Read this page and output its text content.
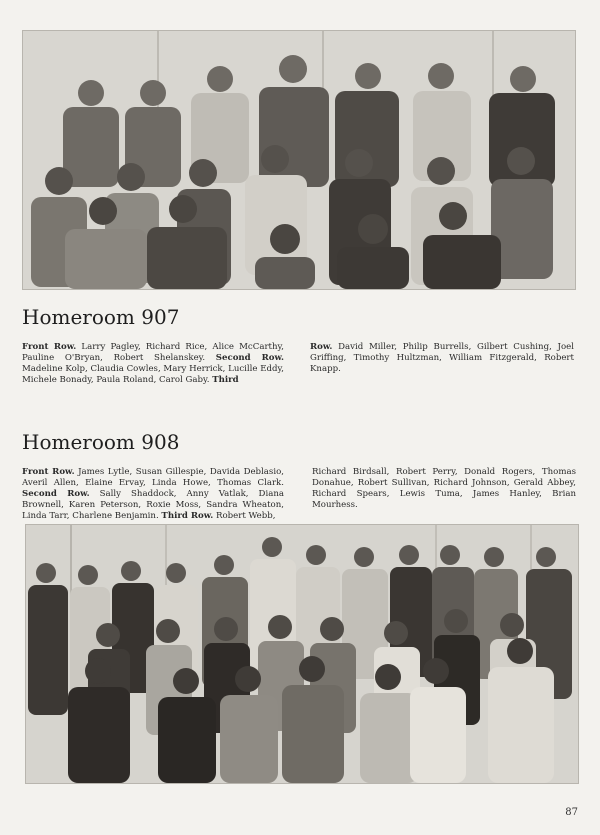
Homeroom 907

Front Row. Larry Pagley, Richard Rice, Alice McCarthy, Pauline O'Bryan, Robert Shelanskey. Second Row. Madeline Kolp, Claudia Cowles, Mary Herrick, Lucille Eddy, Michele Bonady, Paula Roland, Carol Gaby. Third

Row. David Miller, Philip Burrells, Gilbert Cushing, Joel Griffing, Timothy Hultzman, William Fitzgerald, Robert Knapp.

Homeroom 908

Front Row. James Lytle, Susan Gillespie, Davida Deblasio, Averil Allen, Elaine Ervay, Linda Howe, Thomas Clark. Second Row. Sally Shaddock, Anny Vatlak, Diana Brownell, Karen Peterson, Roxie Moss, Sandra Wheaton, Linda Tarr, Charlene Benjamin. Third Row. Robert Webb,

Richard Birdsall, Robert Perry, Donald Rogers, Thomas Donahue, Robert Sullivan, Richard Johnson, Gerald Abbey, Richard Spears, Lewis Tuma, James Hanley, Brian Mourhess.

87
